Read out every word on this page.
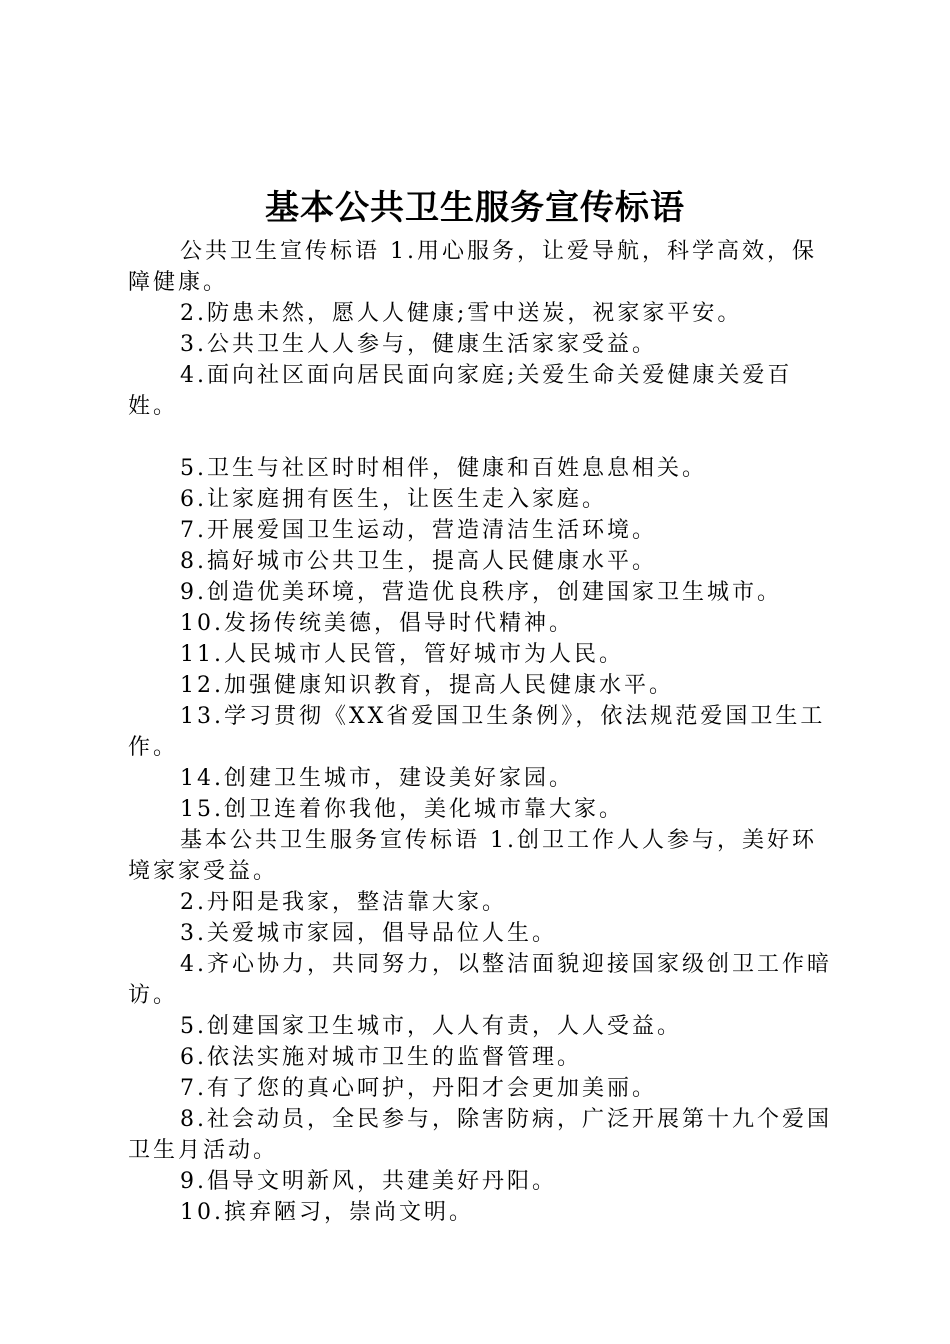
基本公共卫生服务宣传标语

公共卫生宣传标语 1.用心服务，让爱导航，科学高效，保障健康。

2.防患未然，愿人人健康;雪中送炭，祝家家平安。

3.公共卫生人人参与，健康生活家家受益。

4.面向社区面向居民面向家庭;关爱生命关爱健康关爱百姓。

5.卫生与社区时时相伴，健康和百姓息息相关。

6.让家庭拥有医生，让医生走入家庭。

7.开展爱国卫生运动，营造清洁生活环境。

8.搞好城市公共卫生，提高人民健康水平。

9.创造优美环境，营造优良秩序，创建国家卫生城市。

10.发扬传统美德，倡导时代精神。

11.人民城市人民管，管好城市为人民。

12.加强健康知识教育，提高人民健康水平。

13.学习贯彻《XX省爱国卫生条例》，依法规范爱国卫生工作。

14.创建卫生城市，建设美好家园。

15.创卫连着你我他，美化城市靠大家。

基本公共卫生服务宣传标语 1.创卫工作人人参与，美好环境家家受益。

2.丹阳是我家，整洁靠大家。

3.关爱城市家园，倡导品位人生。

4.齐心协力，共同努力，以整洁面貌迎接国家级创卫工作暗访。

5.创建国家卫生城市，人人有责，人人受益。

6.依法实施对城市卫生的监督管理。

7.有了您的真心呵护，丹阳才会更加美丽。

8.社会动员，全民参与，除害防病，广泛开展第十九个爱国卫生月活动。

9.倡导文明新风，共建美好丹阳。

10.摈弃陋习，崇尚文明。
